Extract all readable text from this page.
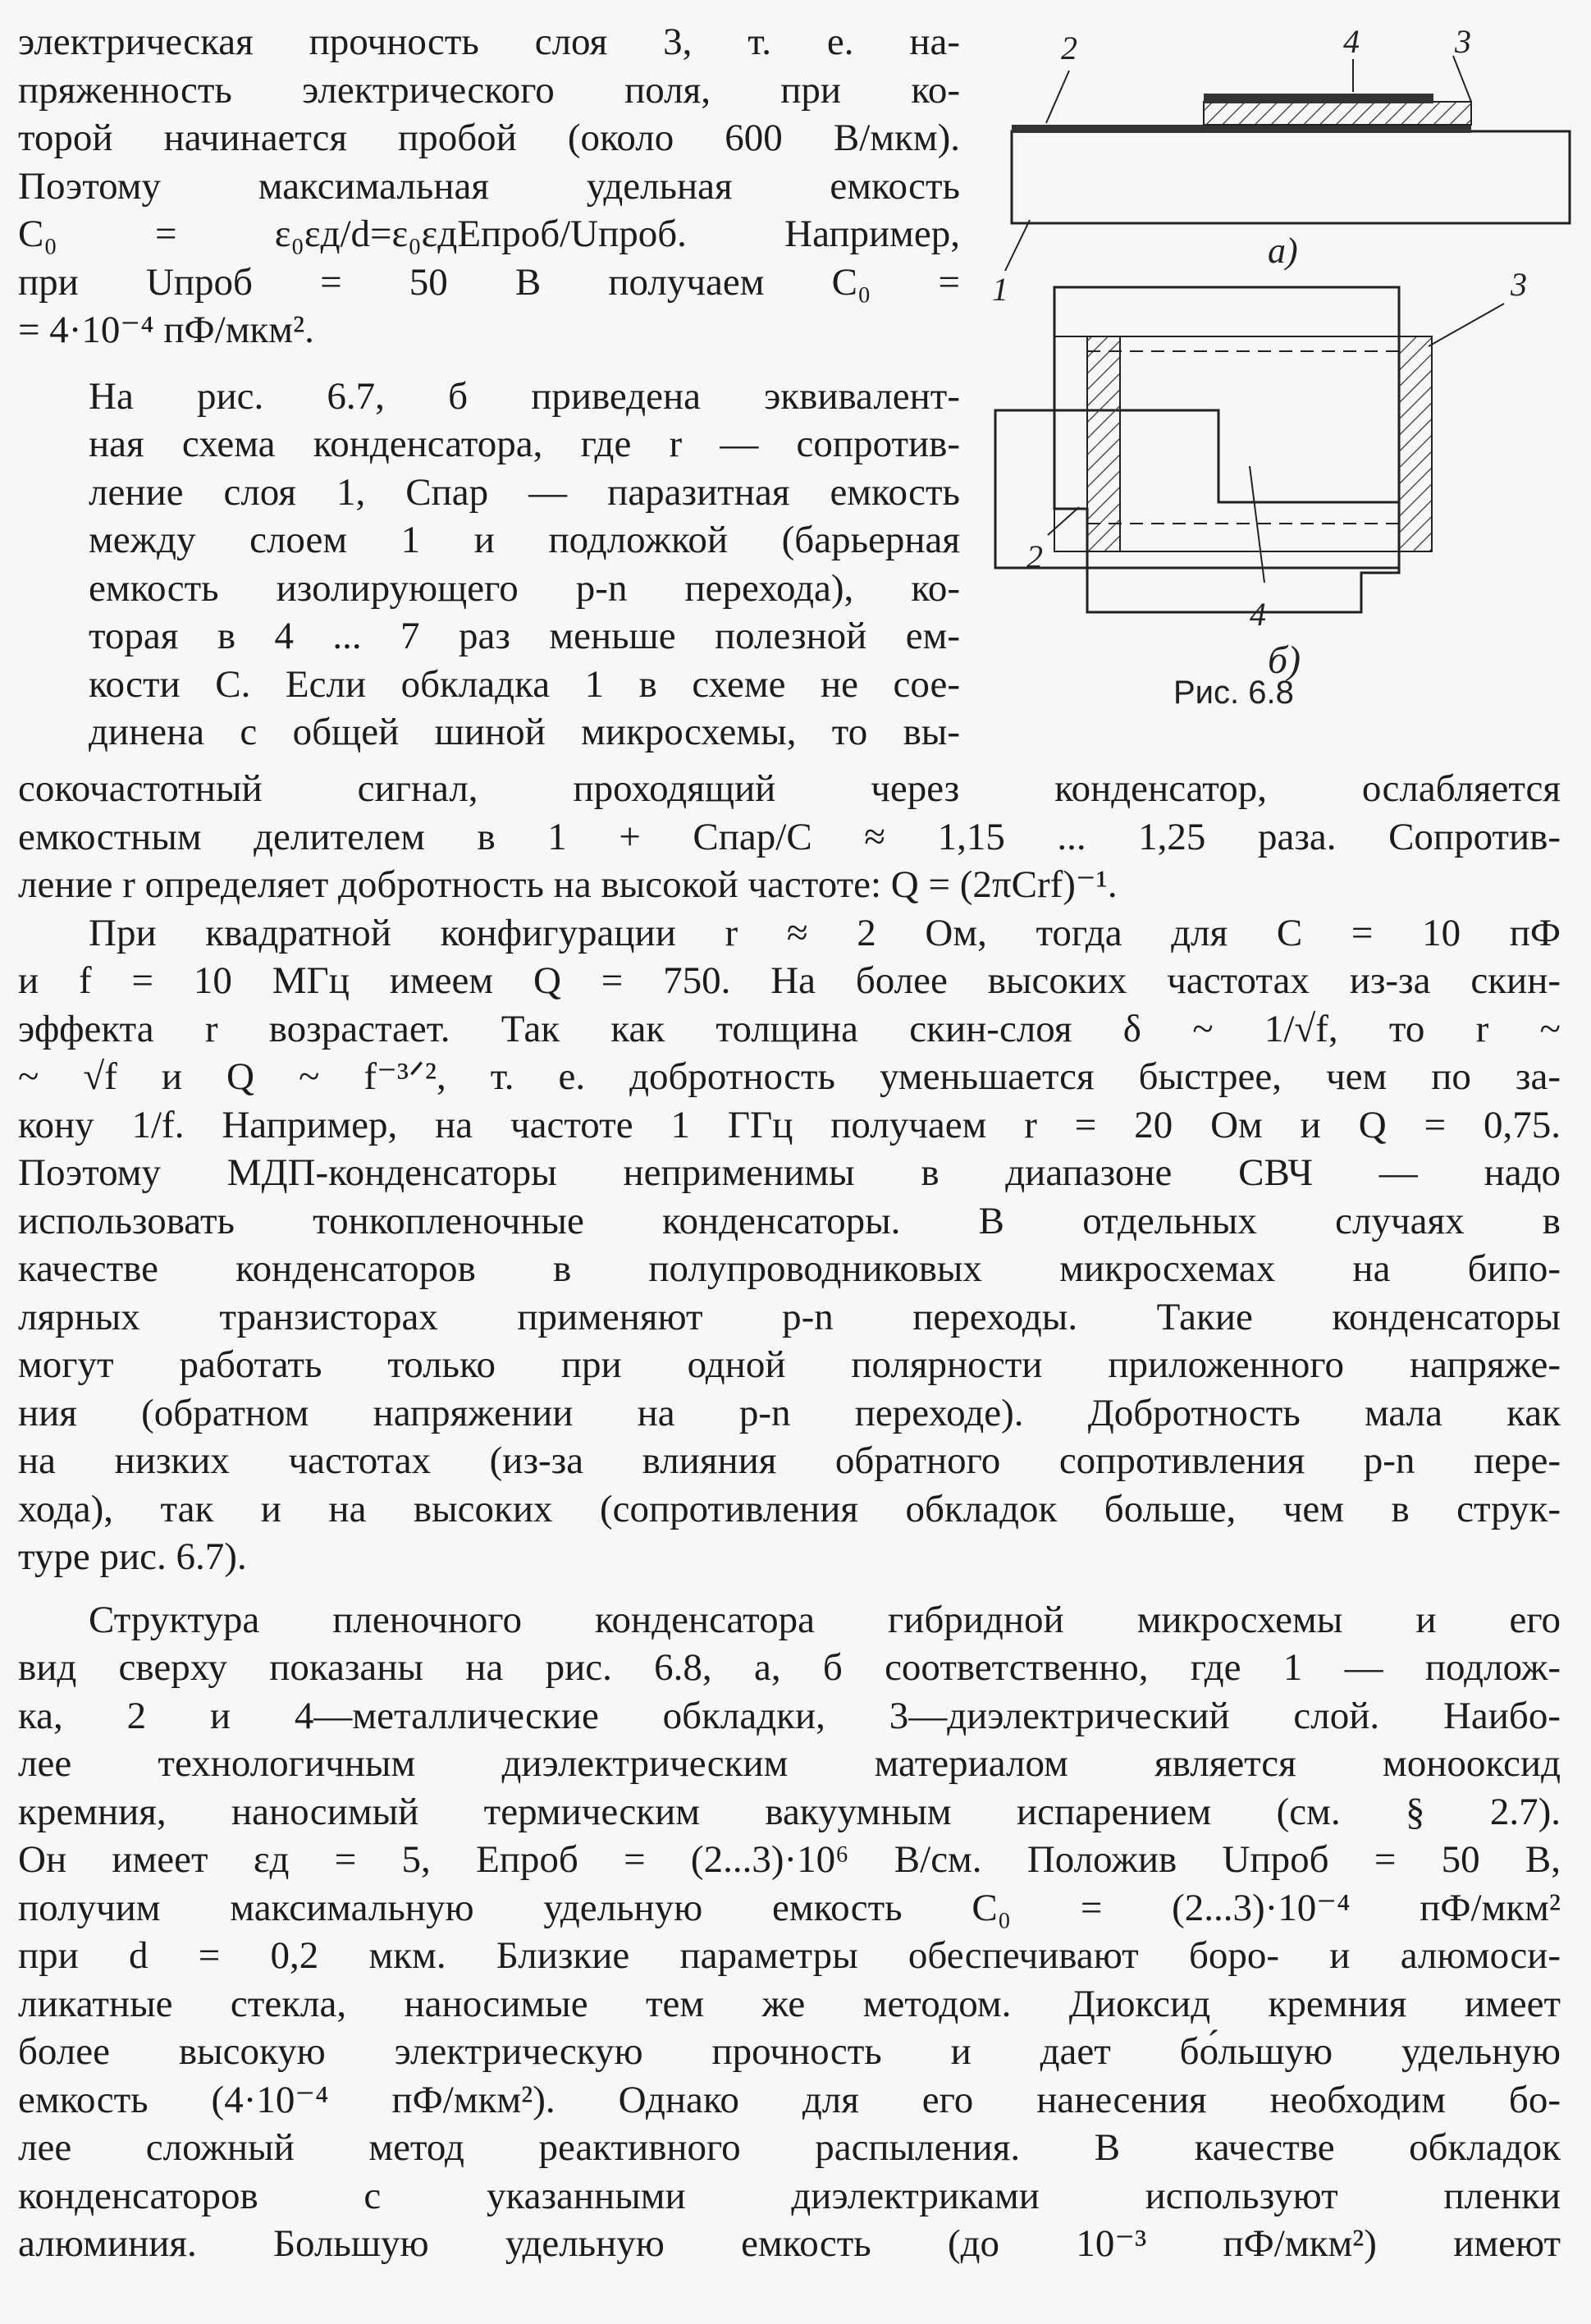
электрическая прочность слоя 3, т. е. на-
пряженность электрического поля, при ко-
торой начинается пробой (около 600 В/мкм).
Поэтому максимальная удельная емкость
C₀ = ε₀εд/d=ε₀εдEпроб/Uпроб. Например,
при Uпроб = 50 В получаем C₀ =
= 4·10⁻⁴ пФ/мкм².

На рис. 6.7, б приведена эквивалент-
ная схема конденсатора, где r — сопротив-
ление слоя 1, Cпар — паразитная емкость
между слоем 1 и подложкой (барьерная
емкость изолирующего p-n перехода), ко-
торая в 4 ... 7 раз меньше полезной ем-
кости C. Если обкладка 1 в схеме не сое-
динена с общей шиной микросхемы, то вы-

2	4	3
1
а)
3
2
4
б)
Рис. 6.8

сокочастотный сигнал, проходящий через конденсатор, ослабляется
емкостным делителем в 1 + Cпар/C ≈ 1,15 ... 1,25 раза. Сопротив-
ление r определяет добротность на высокой частоте: Q = (2πCrf)⁻¹.

При квадратной конфигурации r ≈ 2 Ом, тогда для C = 10 пФ
и f = 10 МГц имеем Q = 750. На более высоких частотах из-за скин-
эффекта r возрастает. Так как толщина скин-слоя δ ~ 1/√f, то r ~
~ √f и Q ~ f⁻³ᐟ², т. е. добротность уменьшается быстрее, чем по за-
кону 1/f. Например, на частоте 1 ГГц получаем r = 20 Ом и Q = 0,75.
Поэтому МДП-конденсаторы неприменимы в диапазоне СВЧ — надо
использовать тонкопленочные конденсаторы. В отдельных случаях в
качестве конденсаторов в полупроводниковых микросхемах на бипо-
лярных транзисторах применяют p-n переходы. Такие конденсаторы
могут работать только при одной полярности приложенного напряже-
ния (обратном напряжении на p-n переходе). Добротность мала как
на низких частотах (из-за влияния обратного сопротивления p-n пере-
хода), так и на высоких (сопротивления обкладок больше, чем в струк-
туре рис. 6.7).

Структура пленочного конденсатора гибридной микросхемы и его
вид сверху показаны на рис. 6.8, а, б соответственно, где 1 — подлож-
ка, 2 и 4—металлические обкладки, 3—диэлектрический слой. Наибо-
лее технологичным диэлектрическим материалом является монооксид
кремния, наносимый термическим вакуумным испарением (см. § 2.7).
Он имеет εд = 5, Eпроб = (2...3)·10⁶ В/см. Положив Uпроб = 50 В,
получим максимальную удельную емкость C₀ = (2...3)·10⁻⁴ пФ/мкм²
при d = 0,2 мкм. Близкие параметры обеспечивают боро- и алюмоси-
ликатные стекла, наносимые тем же методом. Диоксид кремния имеет
более высокую электрическую прочность и дает бо́льшую удельную
емкость (4·10⁻⁴ пФ/мкм²). Однако для его нанесения необходим бо-
лее сложный метод реактивного распыления. В качестве обкладок
конденсаторов с указанными диэлектриками используют пленки
алюминия. Большую удельную емкость (до 10⁻³ пФ/мкм²) имеют
